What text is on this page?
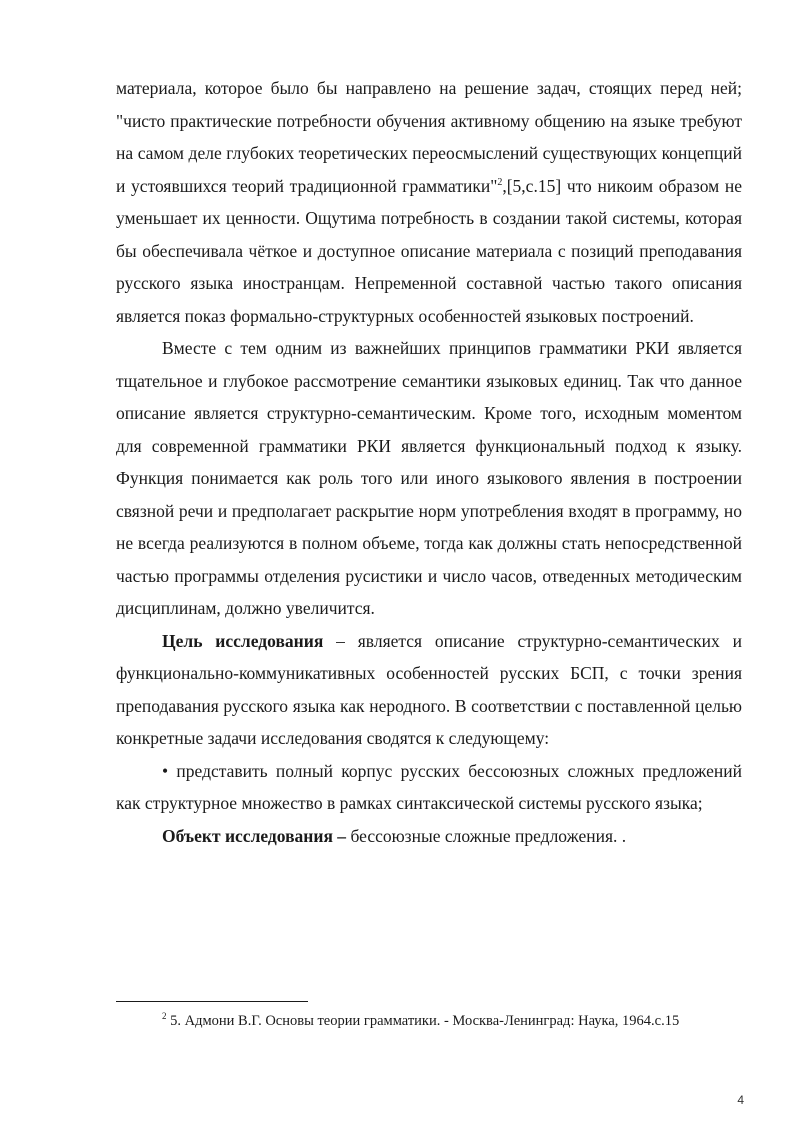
материала, которое было бы направлено на решение задач, стоящих перед ней; "чисто практические потребности обучения активному общению на языке требуют на самом деле глубоких теоретических переосмыслений существующих концепций и устоявшихся теорий традиционной грамматики"$^2$,[5,с.15] что никоим образом не уменьшает их ценности. Ощутима потребность в создании такой системы, которая бы обеспечивала чёткое и доступное описание материала с позиций преподавания русского языка иностранцам. Непременной составной частью такого описания является показ формально-структурных особенностей языковых построений.

Вместе с тем одним из важнейших принципов грамматики РКИ является тщательное и глубокое рассмотрение семантики языковых единиц. Так что данное описание является структурно-семантическим. Кроме того, исходным моментом для современной грамматики РКИ является функциональный подход к языку. Функция понимается как роль того или иного языкового явления в построении связной речи и предполагает раскрытие норм употребления входят в программу, но не всегда реализуются в полном объеме, тогда как должны стать непосредственной частью программы отделения русистики и число часов, отведенных методическим дисциплинам, должно увеличится.

Цель исследования – является описание структурно-семантических и функционально-коммуникативных особенностей русских БСП, с точки зрения преподавания русского языка как неродного. В соответствии с поставленной целью конкретные задачи исследования сводятся к следующему:

• представить полный корпус русских бессоюзных сложных предложений как структурное множество в рамках синтаксической системы русского языка;

Объект исследования – бессоюзные сложные предложения. .

$^2$ 5. Адмони В.Г. Основы теории грамматики. - Москва-Ленинград: Наука, 1964.с.15
4
